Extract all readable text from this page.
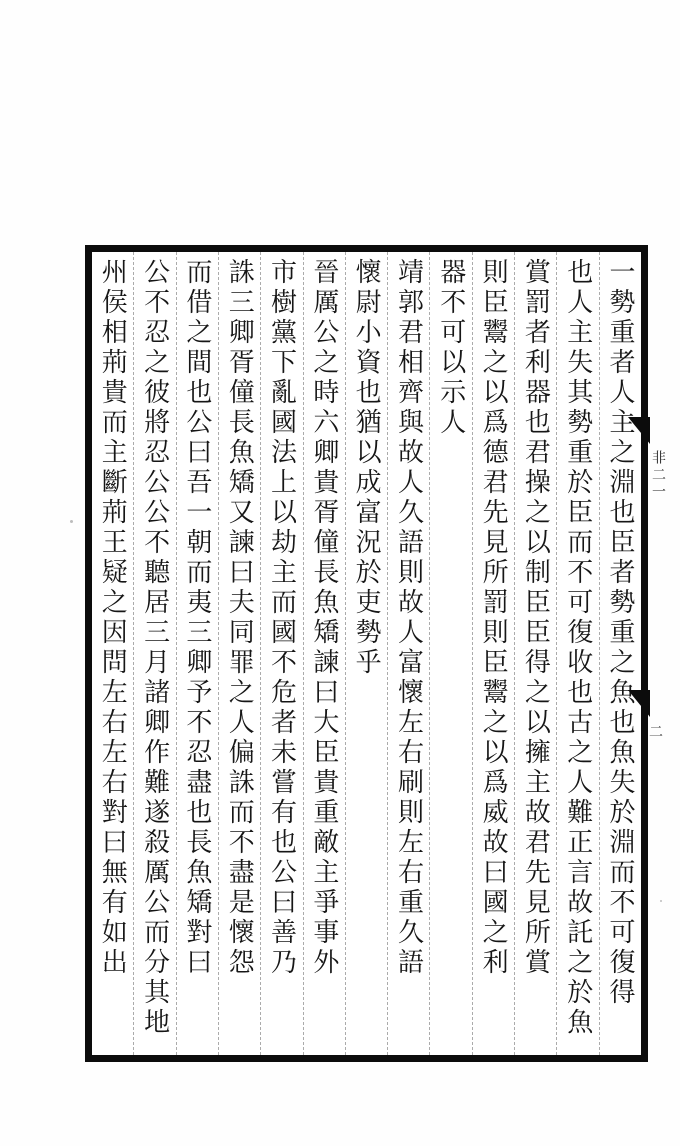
一勢重者人主之淵也臣者勢重之魚也魚失於淵而不可復得
也人主失其勢重於臣而不可復收也古之人難正言故託之於魚
賞罰者利器也君操之以制臣臣得之以擁主故君先見所賞
則臣鬻之以爲德君先見所罰則臣鬻之以爲威故曰國之利
器不可以示人
靖郭君相齊與故人久語則故人富懷左右刷則左右重久語
懷尉小資也猶以成富況於吏勢乎
晉厲公之時六卿貴胥僮長魚矯諫曰大臣貴重敵主爭事外
市樹黨下亂國法上以劫主而國不危者未嘗有也公曰善乃
誅三卿胥僮長魚矯又諫曰夫同罪之人偏誅而不盡是懷怨
而借之間也公曰吾一朝而夷三卿予不忍盡也長魚矯對曰
公不忍之彼將忍公公不聽居三月諸卿作難遂殺厲公而分其地
州侯相荊貴而主斷荊王疑之因問左右左右對曰無有如出	非二一
二
